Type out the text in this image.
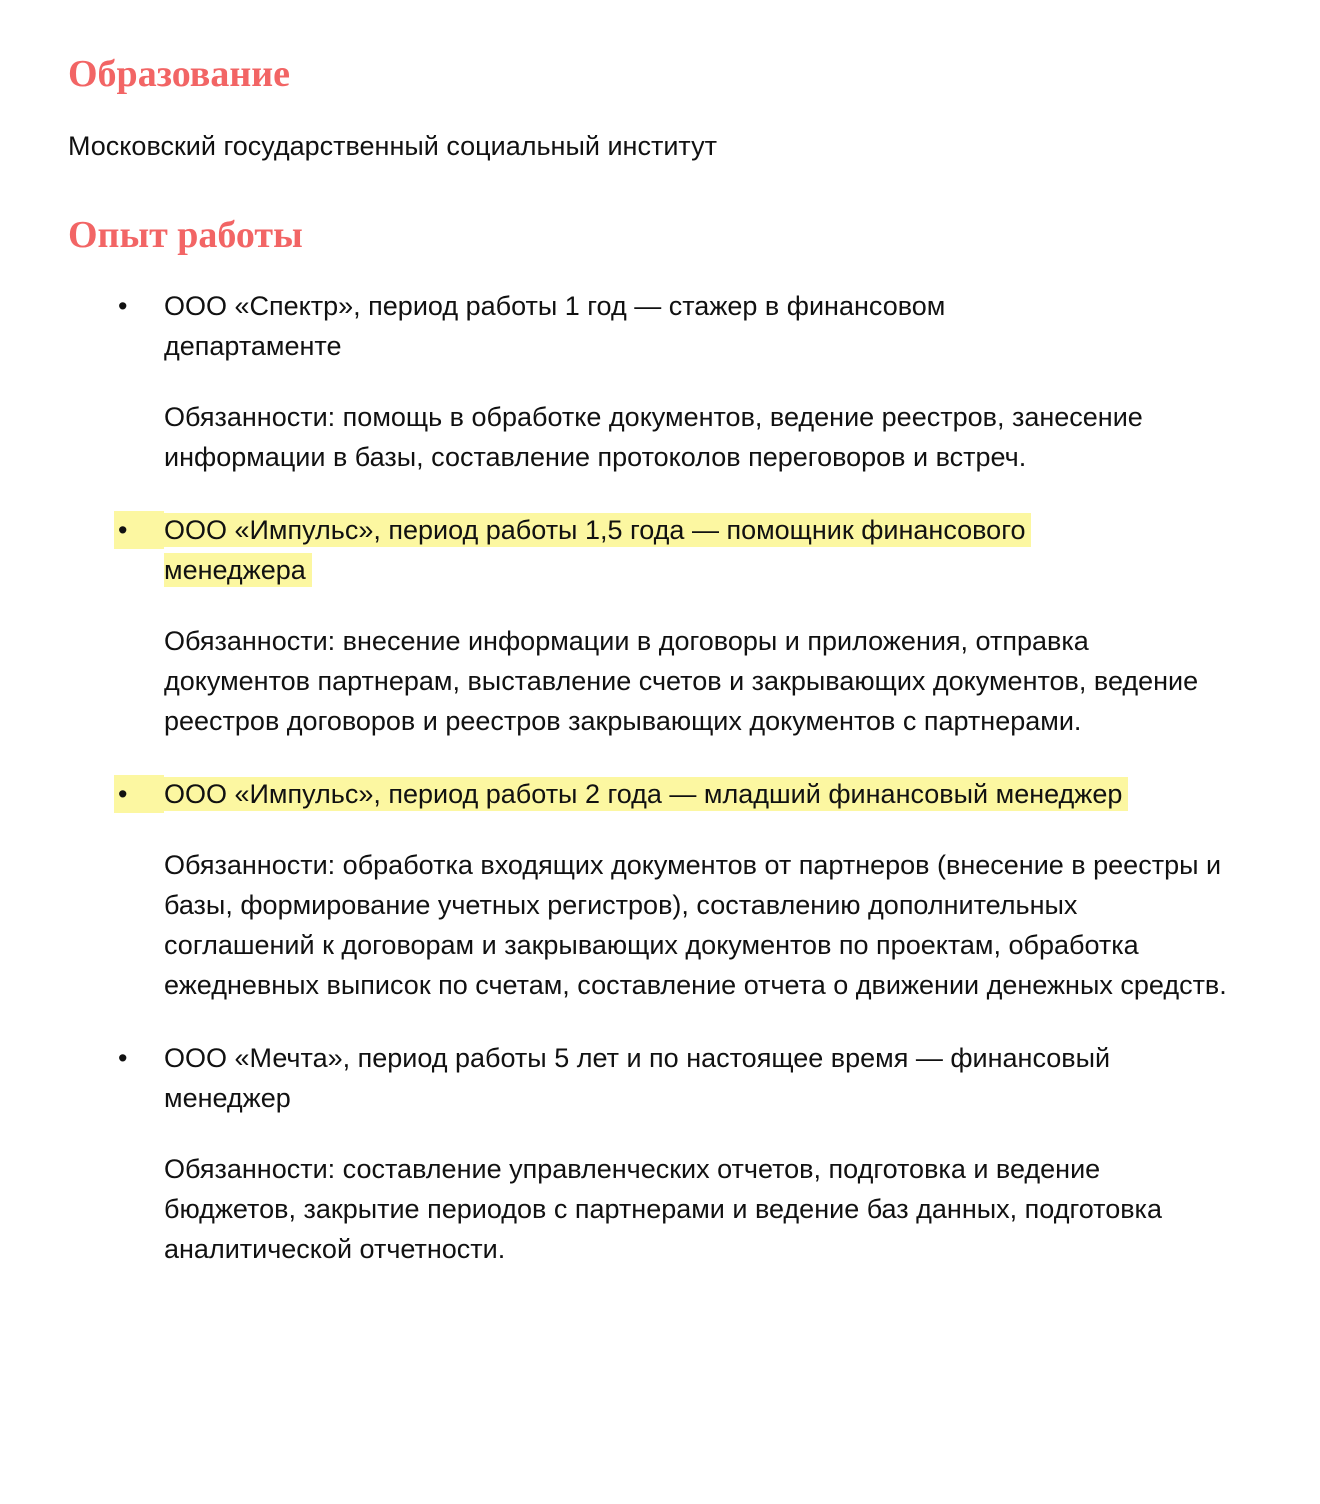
Образование

Московский государственный социальный институт

Опыт работы
• ООО «Спектр», период работы 1 год — стажер в финансовом департаменте

Обязанности: помощь в обработке документов, ведение реестров, занесение информации в базы, составление протоколов переговоров и встреч.

• ООО «Импульс», период работы 1,5 года — помощник финансового менеджера

Обязанности: внесение информации в договоры и приложения, отправка документов партнерам, выставление счетов и закрывающих документов, ведение реестров договоров и реестров закрывающих документов с партнерами.

• ООО «Импульс», период работы 2 года — младший финансовый менеджер

Обязанности: обработка входящих документов от партнеров (внесение в реестры и базы, формирование учетных регистров), составлению дополнительных соглашений к договорам и закрывающих документов по проектам, обработка ежедневных выписок по счетам, составление отчета о движении денежных средств.

• ООО «Мечта», период работы 5 лет и по настоящее время — финансовый менеджер

Обязанности: составление управленческих отчетов, подготовка и ведение бюджетов, закрытие периодов с партнерами и ведение баз данных, подготовка аналитической отчетности.
